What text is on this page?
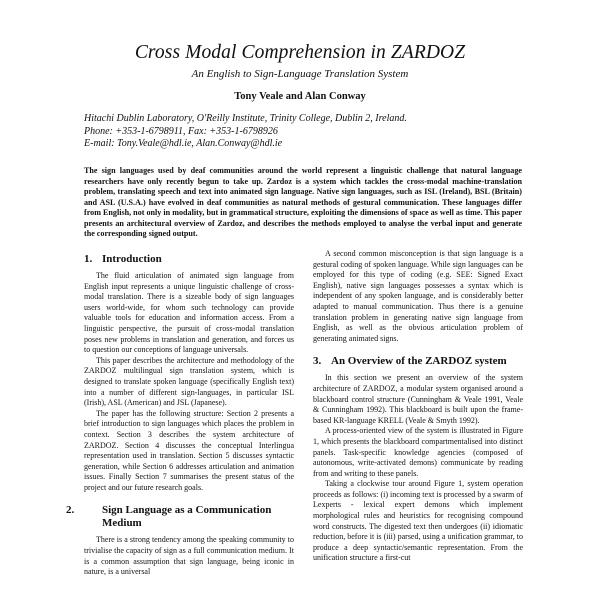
Cross Modal Comprehension in ZARDOZ
An English to Sign-Language Translation System
Tony Veale and Alan Conway
Hitachi Dublin Laboratory, O'Reilly Institute, Trinity College, Dublin 2, Ireland.
Phone: +353-1-6798911, Fax: +353-1-6798926
E-mail: Tony.Veale@hdl.ie, Alan.Conway@hdl.ie
The sign languages used by deaf communities around the world represent a linguistic challenge that natural language researchers have only recently begun to take up. Zardoz is a system which tackles the cross-modal machine-translation problem, translating speech and text into animated sign language. Native sign languages, such as ISL (Ireland), BSL (Britain) and ASL (U.S.A.) have evolved in deaf communities as natural methods of gestural communication. These languages differ from English, not only in modality, but in grammatical structure, exploiting the dimensions of space as well as time. This paper presents an architectural overview of Zardoz, and describes the methods employed to analyse the verbal input and generate the corresponding signed output.
1. Introduction

The fluid articulation of animated sign language from English input represents a unique linguistic challenge of cross-modal translation. There is a sizeable body of sign languages users world-wide, for whom such technology can provide valuable tools for education and information access. From a linguistic perspective, the pursuit of cross-modal translation poses new problems in translation and generation, and forces us to question our conceptions of language universals.

This paper describes the architecture and methodology of the ZARDOZ multilingual sign translation system, which is designed to translate spoken language (specifically English text) into a number of different sign-languages, in particular ISL (Irish), ASL (American) and JSL (Japanese).

The paper has the following structure: Section 2 presents a brief introduction to sign languages which places the problem in context. Section 3 describes the system architecture of ZARDOZ. Section 4 discusses the conceptual Interlingua representation used in translation. Section 5 discusses syntactic generation, while Section 6 addresses articulation and animation issues. Finally Section 7 summarises the present status of the project and our future research goals.

2.	Sign Language as a Communication Medium

There is a strong tendency among the speaking community to trivialise the capacity of sign as a full communication medium. It is a common assumption that sign language, being iconic in nature, is a universal

A second common misconception is that sign language is a gestural coding of spoken language. While sign languages can be employed for this type of coding (e.g. SEE: Signed Exact English), native sign languages possesses a syntax which is independent of any spoken language, and is considerably better adapted to manual communication. Thus there is a genuine translation problem in generating native sign language from English, as well as the obvious articulation problem of generating animated signs.

3. An Overview of the ZARDOZ system

In this section we present an overview of the system architecture of ZARDOZ, a modular system organised around a blackboard control structure (Cunningham & Veale 1991, Veale & Cunningham 1992). This blackboard is built upon the frame-based KR-language KRELL (Veale & Smyth 1992).

A process-oriented view of the system is illustrated in Figure 1, which presents the blackboard compartmentalised into distinct panels. Task-specific knowledge agencies (composed of autonomous, write-activated demons) communicate by reading from and writing to these panels.

Taking a clockwise tour around Figure 1, system operation proceeds as follows: (i) incoming text is processed by a swarm of Lexperts - lexical expert demons which implement morphological rules and heuristics for recognising compound word constructs. The digested text then undergoes (ii) idiomatic reduction, before it is (iii) parsed, using a unification grammar, to produce a deep syntactic/semantic representation. From the unification structure a first-cut
